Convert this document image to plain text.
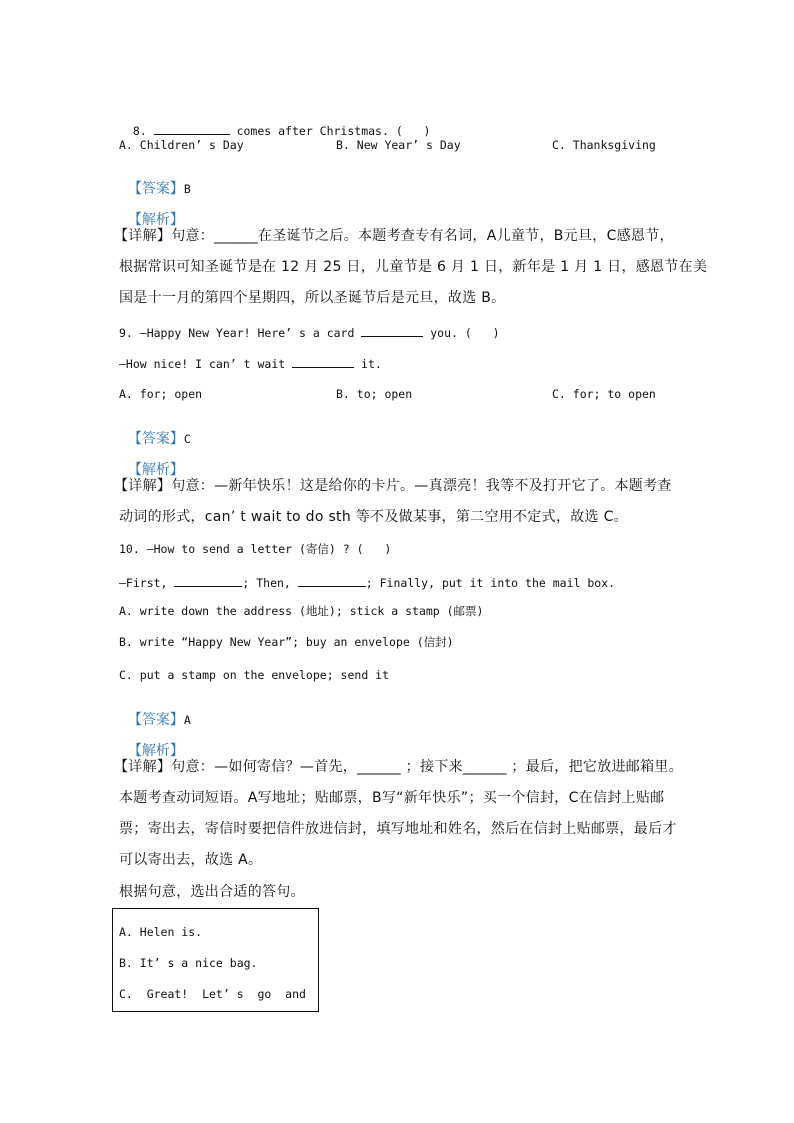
8.	comes after Christmas. (   )

A. Children’ s Day	B. New Year’ s Day	C. Thanksgiving

【答案】B

【解析】

【详解】句意：______在圣诞节之后。本题考查专有名词，A儿童节，B元旦，C感恩节，
根据常识可知圣诞节是在 12 月 25 日，儿童节是 6 月 1 日，新年是 1 月 1 日，感恩节在美
国是十一月的第四个星期四，所以圣诞节后是元旦，故选 B。
9. —Happy New Year! Here’ s a card	you. (   )
—How nice! I can’ t wait	it.
A. for; open	B. to; open	C. for; to open

【答案】C

【解析】

【详解】句意：—新年快乐！这是给你的卡片。—真漂亮！我等不及打开它了。本题考查
动词的形式，can’ t wait to do sth 等不及做某事，第二空用不定式，故选 C。
10. —How to send a letter (寄信) ? (   )
—First,	; Then,	; Finally, put it into the mail box.
A. write down the address (地址); stick a stamp (邮票)
B. write “Happy New Year”; buy an envelope (信封)
C. put a stamp on the envelope; send it

【答案】A

【解析】

【详解】句意：—如何寄信？—首先，______ ；接下来______ ；最后，把它放进邮箱里。
本题考查动词短语。A写地址；贴邮票，B写“新年快乐”；买一个信封，C在信封上贴邮
票；寄出去，寄信时要把信件放进信封，填写地址和姓名，然后在信封上贴邮票，最后才
可以寄出去，故选 A。
根据句意，选出合适的答句。
A. Helen is.
B. It’ s a nice bag.
C.  Great!  Let’ s  go  and
